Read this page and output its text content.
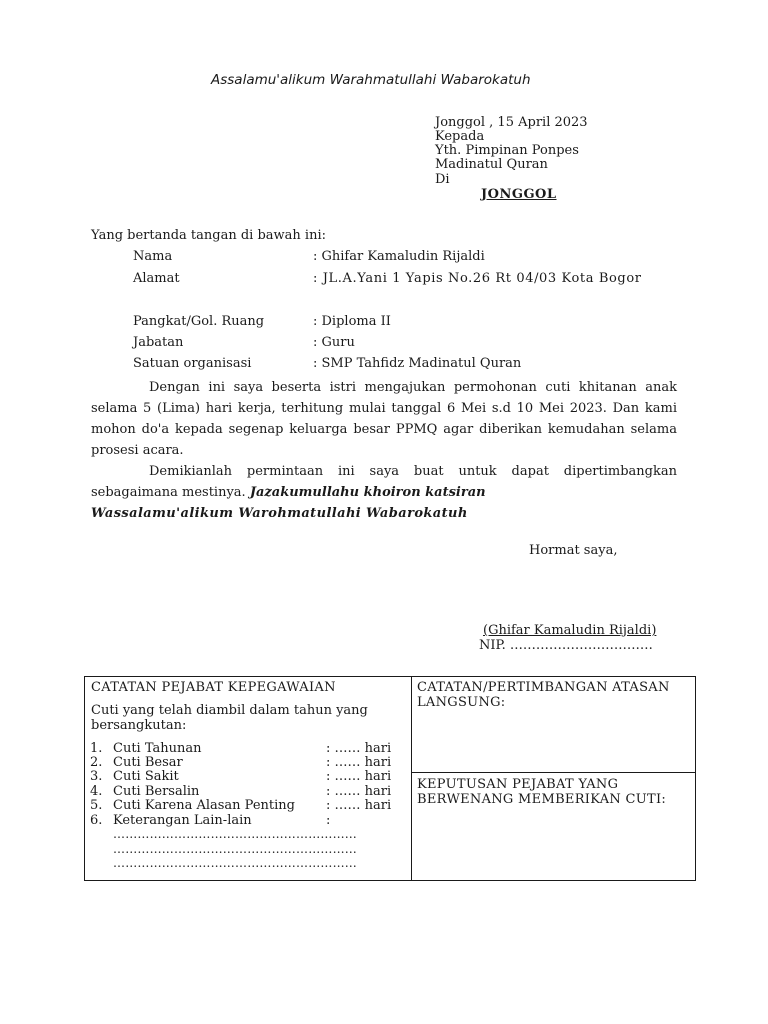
Assalamu'alikum Warahmatullahi Wabarokatuh
Jonggol , 15 April 2023
Kepada
Yth. Pimpinan Ponpes
Madinatul Quran
Di
JONGGOL
Yang bertanda tangan di bawah ini:
Nama	: Ghifar Kamaludin Rijaldi
Alamat	: JL.A.Yani 1 Yapis No.26 Rt 04/03 Kota Bogor
Pangkat/Gol. Ruang	: Diploma II
Jabatan	: Guru
Satuan organisasi	: SMP Tahfidz Madinatul Quran
Dengan ini saya beserta istri mengajukan permohonan cuti khitanan anak selama 5 (Lima) hari kerja, terhitung mulai tanggal 6 Mei s.d 10 Mei 2023. Dan kami mohon do'a kepada segenap keluarga besar PPMQ agar diberikan kemudahan selama prosesi acara.
Demikianlah permintaan ini saya buat untuk dapat dipertimbangkan sebagaimana mestinya. Jazakumullahu khoiron katsiran
Wassalamu'alikum Warohmatullahi Wabarokatuh
Hormat saya,
(Ghifar Kamaludin Rijaldi)
NIP. ……………………………

CATATAN PEJABAT KEPEGAWAIAN
Cuti yang telah diambil dalam tahun yang bersangkutan:
1. Cuti Tahunan	: …… hari
2. Cuti Besar	: …… hari
3. Cuti Sakit	: …… hari
4. Cuti Bersalin	: …… hari
5. Cuti Karena Alasan Penting : …… hari
6. Keterangan Lain-lain	:
……………………………………………………
……………………………………………………
……………………………………………………
CATATAN/PERTIMBANGAN ATASAN LANGSUNG:
KEPUTUSAN PEJABAT YANG BERWENANG MEMBERIKAN CUTI:
